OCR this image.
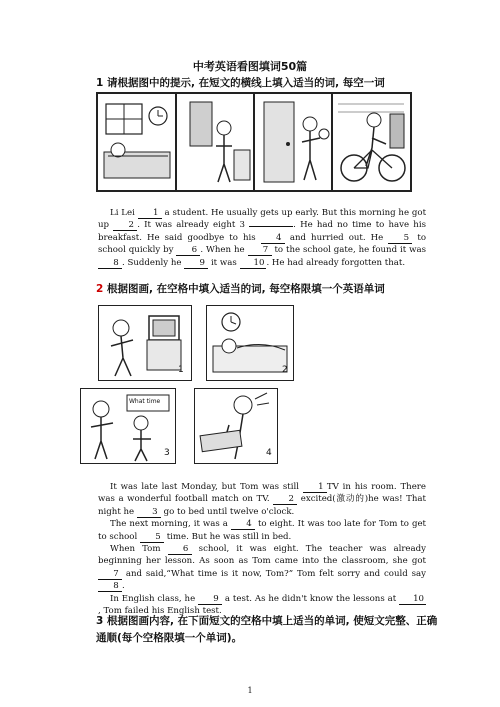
中考英语看图填词50篇
1 请根据图中的提示, 在短文的横线上填入适当的词, 每空一词

Li Lei 1 a student. He usually gets up early. But this morning he got up 2 . It was already eight 3	. He had no time to have his breakfast. He said goodbye to his 4 and hurried out. He 5 to school quickly by 6 . When he 7 to the school gate, he found it was 8 . Suddenly he 9 it was 10 . He had already forgotten that.

2 根据图画, 在空格中填入适当的词, 每空格限填一个英语单词
1	2
What time
3	4

It was late last Monday, but Tom was still 1 TV in his room. There was a wonderful football match on TV. 2 excited(激动的)he was! That night he 3 go to bed until twelve o'clock.

The next morning, it was a 4 to eight. It was too late for Tom to get to school 5 time. But he was still in bed.

When Tom	6 school, it was eight. The teacher was already beginning her lesson. As soon as Tom came into the classroom, she got 7 and said,“What time is it now, Tom?” Tom felt sorry and could say 8 .

In English class, he 9 a test. As he didn't know the lessons at 10, Tom failed his English test.

3 根据图画内容, 在下面短文的空格中填上适当的单词, 使短文完整、正确
通顺(每个空格限填一个单词)。
1
